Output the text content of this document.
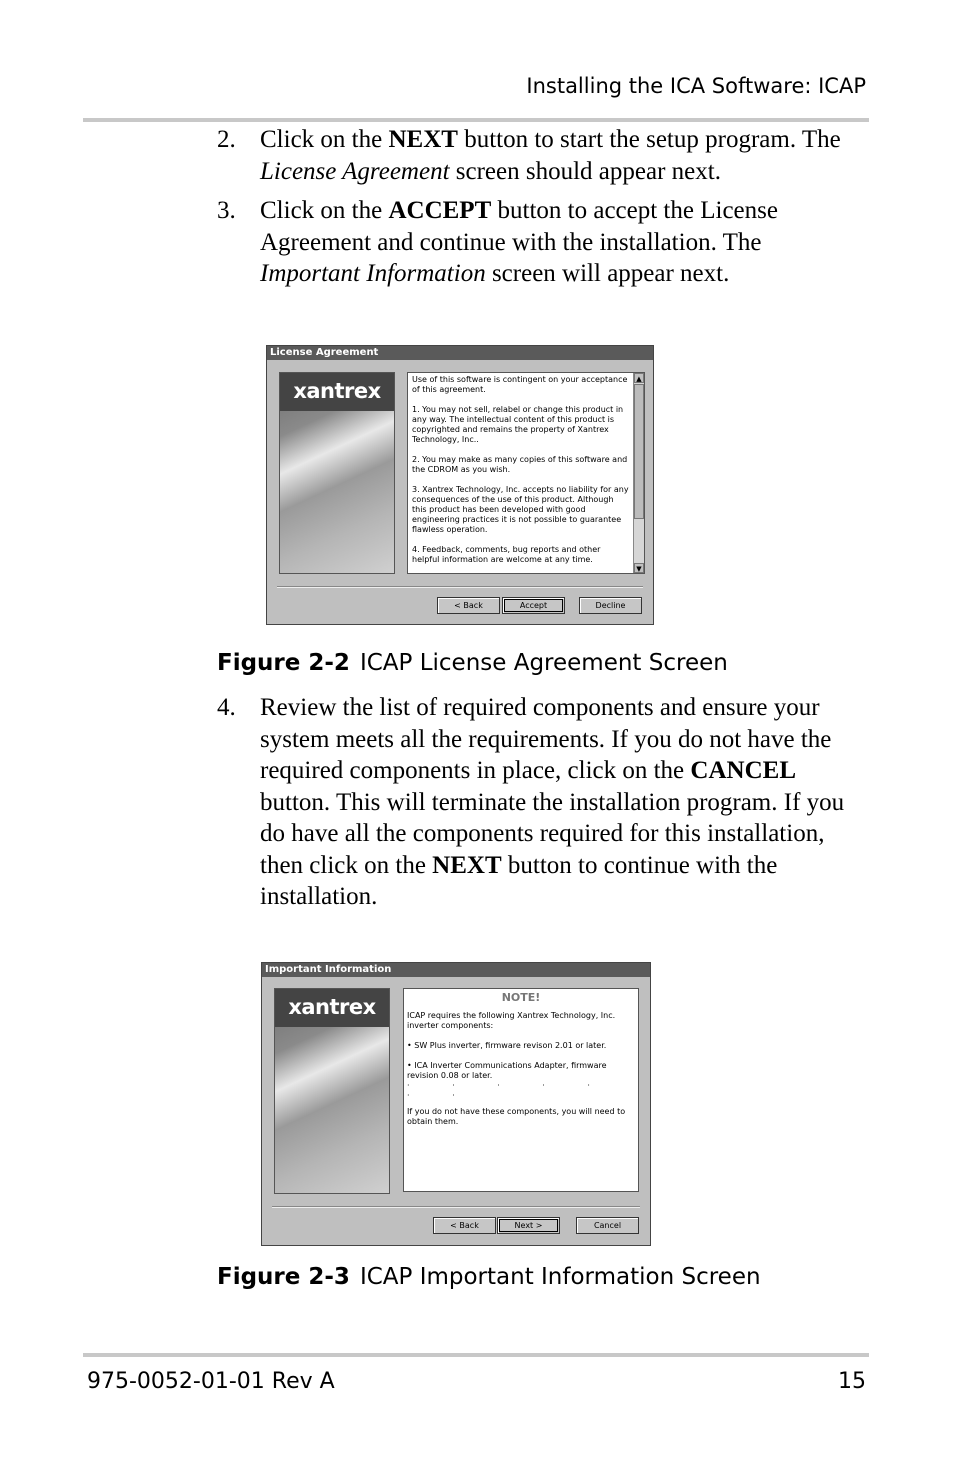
Installing the ICA Software: ICAP
2. Click on the NEXT button to start the setup program. The License Agreement screen should appear next.
3. Click on the ACCEPT button to accept the License Agreement and continue with the installation. The Important Information screen will appear next.
License Agreement
xantrex	Use of this software is contingent on your acceptance of this agreement.

1. You may not sell, relabel or change this product in any way. The intellectual content of this product is copyrighted and remains the property of Xantrex Technology, Inc..

2. You may make as many copies of this software and the CDROM as you wish.

3. Xantrex Technology, Inc. accepts no liability for any consequences of the use of this product. Although this product has been developed with good engineering practices it is not possible to guarantee flawless operation.

4. Feedback, comments, bug reports and other helpful information are welcome at any time.

▲
▼
< Back	Accept	Decline
Figure 2-2 ICAP License Agreement Screen
4. Review the list of required components and ensure your system meets all the requirements. If you do not have the required components in place, click on the CANCEL button. This will terminate the installation program. If you do have all the components required for this installation, then click on the NEXT button to continue with the installation.
Important Information
xantrex	NOTE!

ICAP requires the following Xantrex Technology, Inc. inverter components:

• SW Plus inverter, firmware revison 2.01 or later.

• ICA Inverter Communications Adapter, firmware revision 0.08 or later.

· · · · · · ·

If you do not have these components, you will need to obtain them.

< Back	Next >	Cancel
Figure 2-3 ICAP Important Information Screen
975-0052-01-01 Rev A	15
